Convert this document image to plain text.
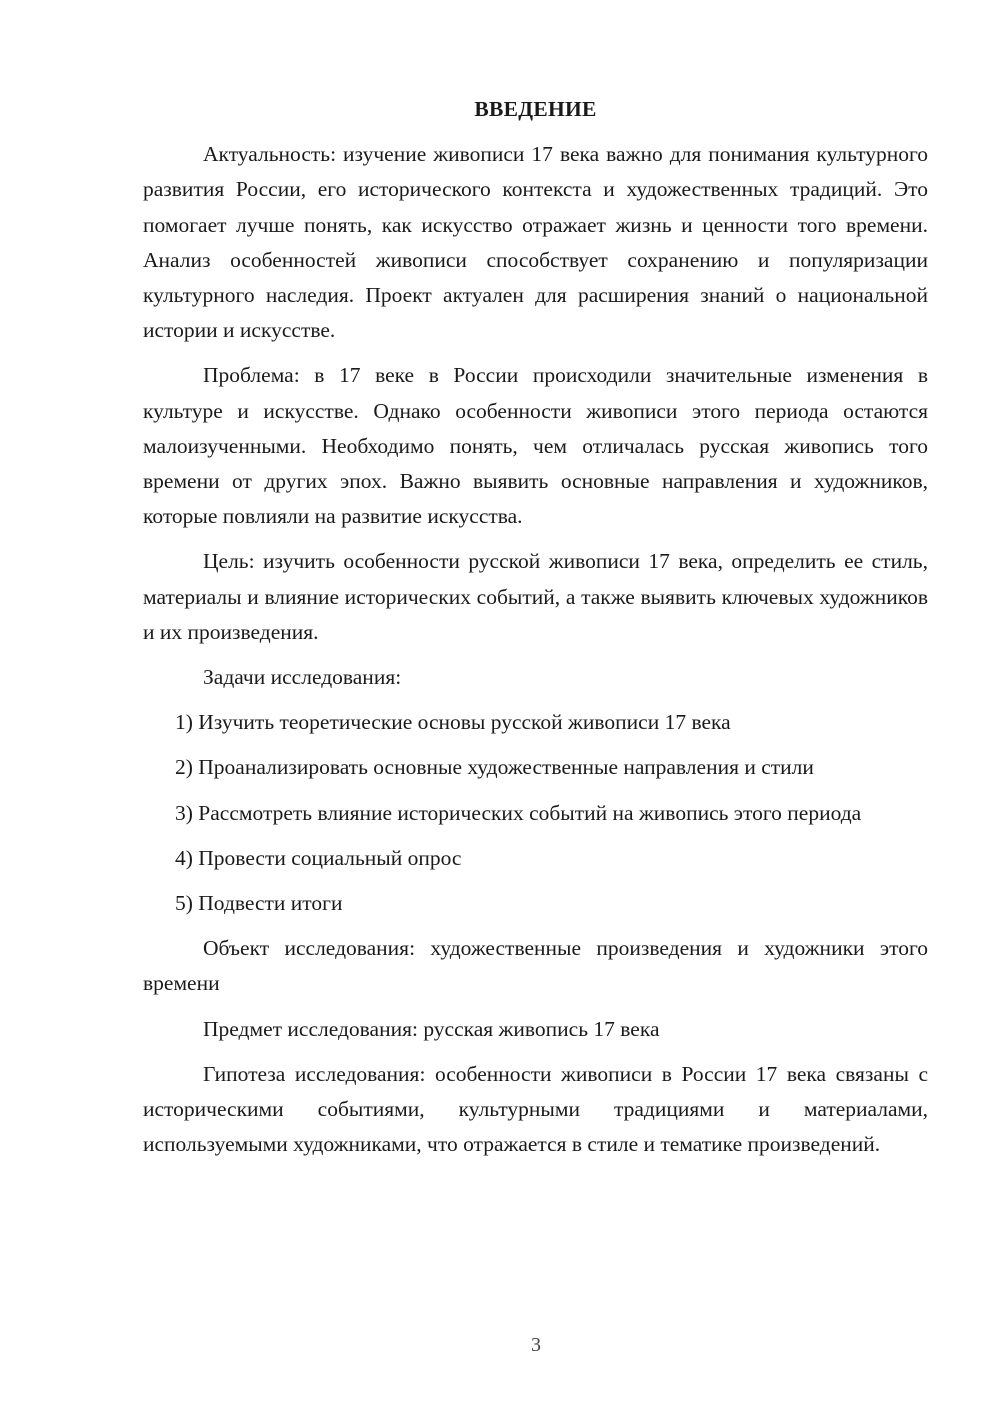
ВВЕДЕНИЕ

Актуальность: изучение живописи 17 века важно для понимания культурного развития России, его исторического контекста и художественных традиций. Это помогает лучше понять, как искусство отражает жизнь и ценности того времени. Анализ особенностей живописи способствует сохранению и популяризации культурного наследия. Проект актуален для расширения знаний о национальной истории и искусстве.

Проблема: в 17 веке в России происходили значительные изменения в культуре и искусстве. Однако особенности живописи этого периода остаются малоизученными. Необходимо понять, чем отличалась русская живопись того времени от других эпох. Важно выявить основные направления и художников, которые повлияли на развитие искусства.

Цель: изучить особенности русской живописи 17 века, определить ее стиль, материалы и влияние исторических событий, а также выявить ключевых художников и их произведения.

Задачи исследования:

1) Изучить теоретические основы русской живописи 17 века

2) Проанализировать основные художественные направления и стили

3) Рассмотреть влияние исторических событий на живопись этого периода

4) Провести социальный опрос

5) Подвести итоги

Объект исследования: художественные произведения и художники этого времени

Предмет исследования: русская живопись 17 века

Гипотеза исследования: особенности живописи в России 17 века связаны с историческими событиями, культурными традициями и материалами, используемыми художниками, что отражается в стиле и тематике произведений.

3
